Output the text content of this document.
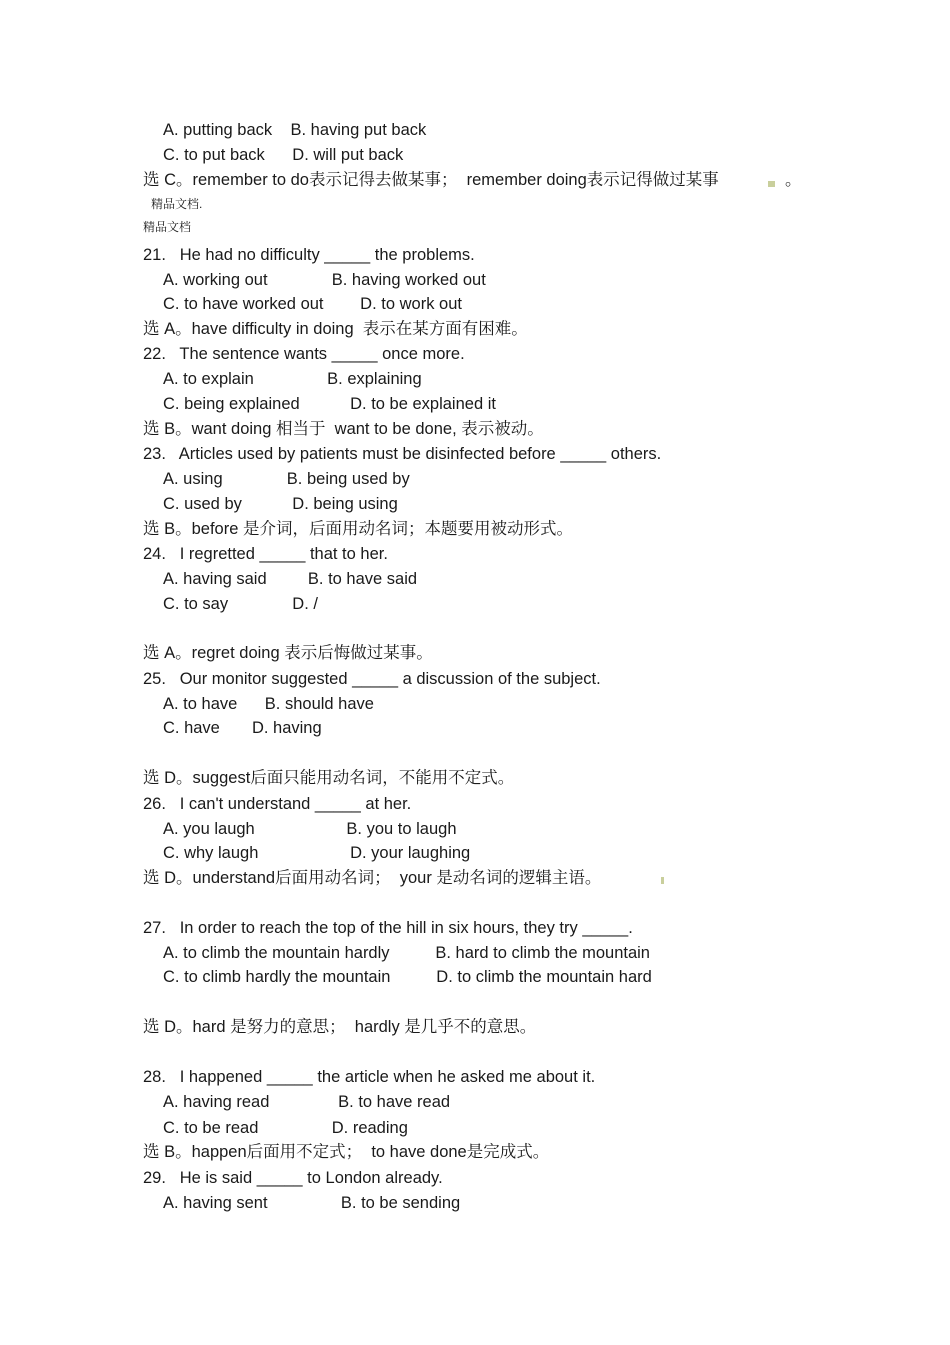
A. putting back    B. having put back
C. to put back      D. will put back
选 C。remember to do表示记得去做某事；  remember doing表示记得做过某事	。
精品文档.
精品文档
21.   He had no difficulty _____ the problems.
A. working out              B. having worked out
C. to have worked out        D. to work out
选 A。have difficulty in doing  表示在某方面有困难。
22.   The sentence wants _____ once more.
A. to explain                B. explaining
C. being explained           D. to be explained it
选 B。want doing 相当于  want to be done, 表示被动。
23.   Articles used by patients must be disinfected before _____ others.
A. using              B. being used by
C. used by           D. being using
选 B。before 是介词，后面用动名词；本题要用被动形式。
24.   I regretted _____ that to her.
A. having said         B. to have said
C. to say              D. /
选 A。regret doing 表示后悔做过某事。
25.   Our monitor suggested _____ a discussion of the subject.
A. to have      B. should have
C. have       D. having
选 D。suggest后面只能用动名词，不能用不定式。
26.   I can't understand _____ at her.
A. you laugh                    B. you to laugh
C. why laugh                    D. your laughing
选 D。understand后面用动名词；  your 是动名词的逻辑主语。
27.   In order to reach the top of the hill in six hours, they try _____.
A. to climb the mountain hardly          B. hard to climb the mountain
C. to climb hardly the mountain          D. to climb the mountain hard
选 D。hard 是努力的意思；  hardly 是几乎不的意思。
28.   I happened _____ the article when he asked me about it.
A. having read               B. to have read
C. to be read                D. reading
选 B。happen后面用不定式；  to have done是完成式。
29.   He is said _____ to London already.
A. having sent                B. to be sending
